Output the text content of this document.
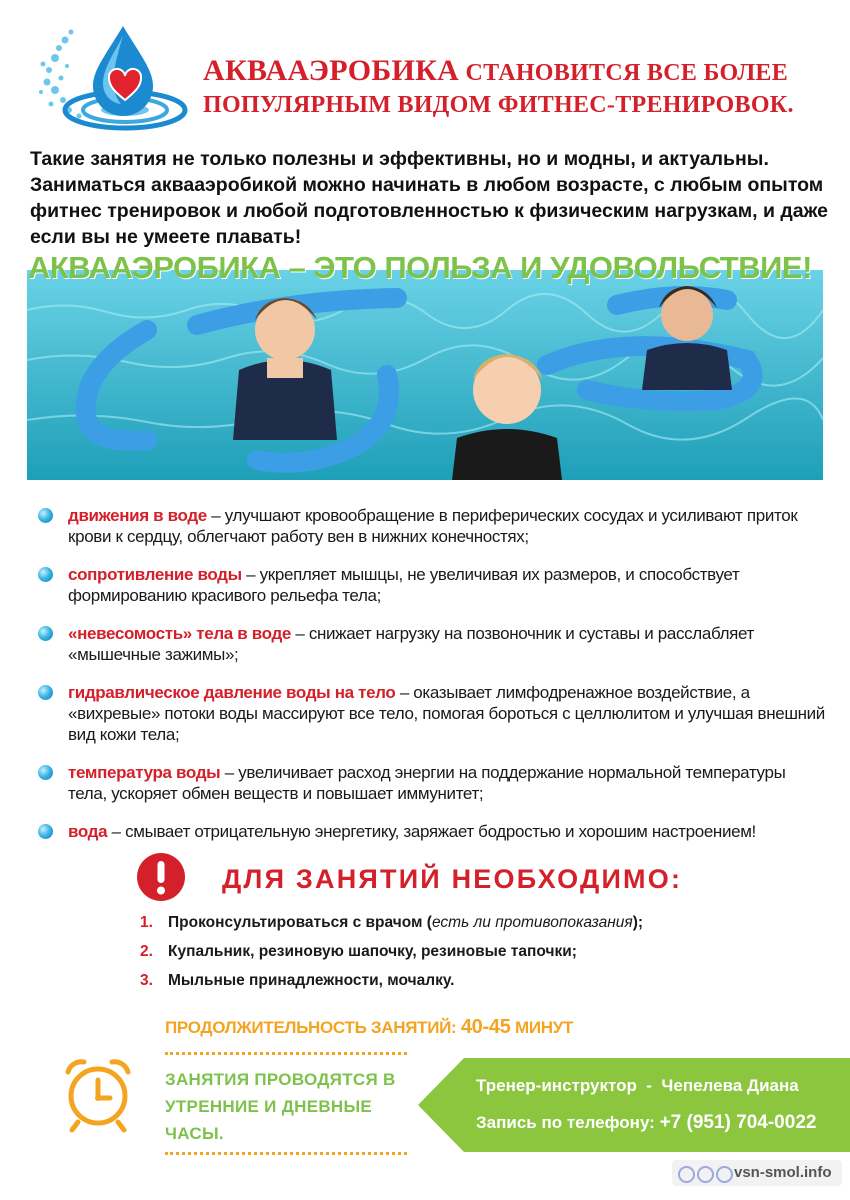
АКВААЭРОБИКА СТАНОВИТСЯ ВСЕ БОЛЕЕ
ПОПУЛЯРНЫМ ВИДОМ ФИТНЕС-ТРЕНИРОВОК.
Такие занятия не только полезны и эффективны, но и модны, и актуальны. Заниматься аквааэробикой можно начинать в любом возрасте, с любым опытом фитнес тренировок и любой подготовленностью к физическим нагрузкам, и даже если вы не умеете плавать!
АКВААЭРОБИКА – ЭТО ПОЛЬЗА И УДОВОЛЬСТВИЕ!
движения в воде – улучшают кровообращение в периферических сосудах и усиливают приток крови к сердцу, облегчают работу вен в нижних конечностях;
сопротивление воды – укрепляет мышцы, не увеличивая их размеров, и способствует формированию красивого рельефа тела;
«невесомость» тела в воде – снижает нагрузку на позвоночник и суставы и расслабляет «мышечные зажимы»;
гидравлическое давление воды на тело – оказывает лимфодренажное воздействие, а «вихревые» потоки воды массируют все тело, помогая бороться с целлюлитом и улучшая внешний вид кожи тела;
температура воды – увеличивает расход энергии на поддержание нормальной температуры тела, ускоряет обмен веществ и повышает иммунитет;
вода – смывает отрицательную энергетику, заряжает бодростью и хорошим настроением!
ДЛЯ ЗАНЯТИЙ НЕОБХОДИМО:
1. Проконсультироваться с врачом (есть ли противопоказания);
2. Купальник, резиновую шапочку, резиновые тапочки;
3. Мыльные принадлежности, мочалку.
ПРОДОЛЖИТЕЛЬНОСТЬ ЗАНЯТИЙ: 40-45 МИНУТ
ЗАНЯТИЯ ПРОВОДЯТСЯ В УТРЕННИЕ И ДНЕВНЫЕ ЧАСЫ.
Тренер-инструктор - Чепелева Диана
Запись по телефону: +7 (951) 704-0022
vsn-smol.info
